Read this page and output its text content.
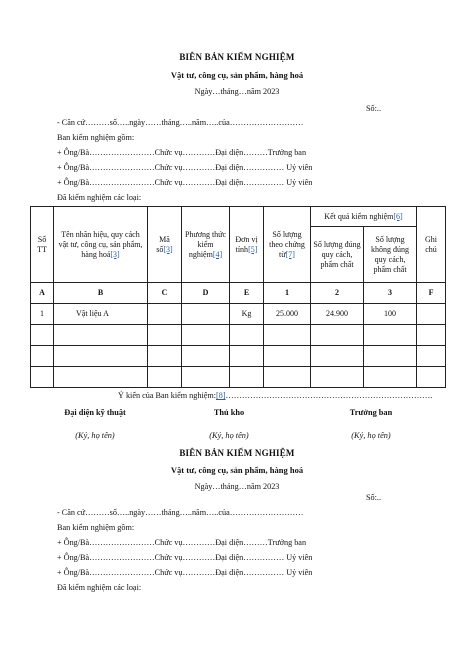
BIÊN BẢN KIỂM NGHIỆM
Vật tư, công cụ, sản phẩm, hàng hoá
Ngày…tháng…năm 2023
Số:..
- Căn cứ………số…..ngày……tháng…..năm…..của………………………
Ban kiểm nghiệm gồm:
+ Ông/Bà……………………Chức vụ…………Đại diện………Trưởng ban
+ Ông/Bà……………………Chức vụ…………Đại diện…………… Uỷ viên
+ Ông/Bà……………………Chức vụ…………Đại diện…………… Uỷ viên
Đã kiểm nghiệm các loại:
Số TT	Tên nhãn hiệu, quy cách vật tư, công cụ, sản phẩm, hàng hoá[3]	Mã số[3]	Phương thức kiểm nghiệm[4]	Đơn vị tính[5]	Số lượng theo chứng từ[7]	Kết quả kiểm nghiệm[6]		Ghi chú
						Số lượng đúng quy cách, phẩm chất	Số lượng không đúng quy cách, phẩm chất	
A	B	C	D	E	1	2	3	F
1	Vật liệu A			Kg	25.000	24.900	100	

Ý kiến của Ban kiểm nghiệm:[8]………………………………………………………………….
Đại diện kỹ thuật	Thủ kho	Trưởng ban
(Ký, họ tên)	(Ký, họ tên)	(Ký, họ tên)
BIÊN BẢN KIỂM NGHIỆM
Vật tư, công cụ, sản phẩm, hàng hoá
Ngày…tháng…năm 2023
Số:..
- Căn cứ………số…..ngày……tháng…..năm…..của………………………
Ban kiểm nghiệm gồm:
+ Ông/Bà……………………Chức vụ…………Đại diện………Trưởng ban
+ Ông/Bà……………………Chức vụ…………Đại diện…………… Uỷ viên
+ Ông/Bà……………………Chức vụ…………Đại diện…………… Uỷ viên
Đã kiểm nghiệm các loại:
